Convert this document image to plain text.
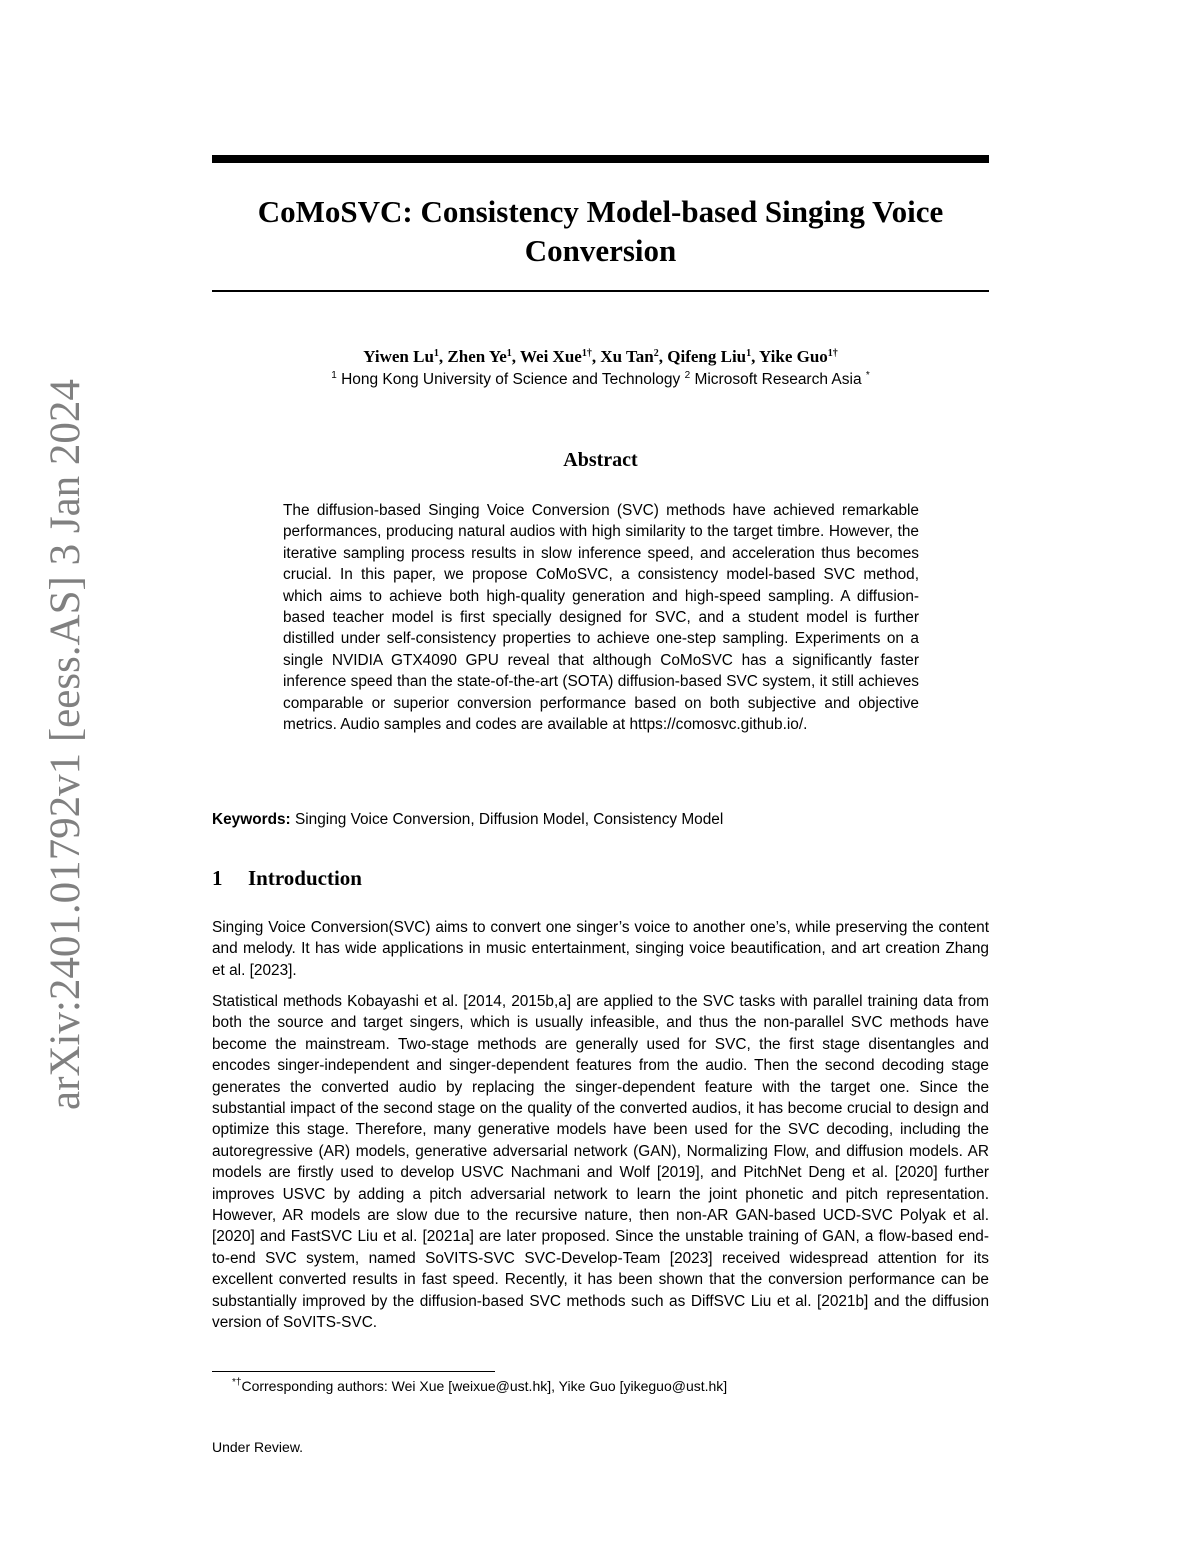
arXiv:2401.01792v1 [eess.AS] 3 Jan 2024
CoMoSVC: Consistency Model-based Singing Voice Conversion
Yiwen Lu$^1$, Zhen Ye$^1$, Wei Xue$^{1\dagger}$, Xu Tan$^2$, Qifeng Liu$^1$, Yike Guo$^{1\dagger}$
$^1$ Hong Kong University of Science and Technology $^2$ Microsoft Research Asia *
Abstract
The diffusion-based Singing Voice Conversion (SVC) methods have achieved remarkable performances, producing natural audios with high similarity to the target timbre. However, the iterative sampling process results in slow inference speed, and acceleration thus becomes crucial. In this paper, we propose CoMoSVC, a consistency model-based SVC method, which aims to achieve both high-quality generation and high-speed sampling. A diffusion-based teacher model is first specially designed for SVC, and a student model is further distilled under self-consistency properties to achieve one-step sampling. Experiments on a single NVIDIA GTX4090 GPU reveal that although CoMoSVC has a significantly faster inference speed than the state-of-the-art (SOTA) diffusion-based SVC system, it still achieves comparable or superior conversion performance based on both subjective and objective metrics. Audio samples and codes are available at https://comosvc.github.io/.
Keywords: Singing Voice Conversion, Diffusion Model, Consistency Model
1 Introduction

Singing Voice Conversion(SVC) aims to convert one singer’s voice to another one’s, while preserving the content and melody. It has wide applications in music entertainment, singing voice beautification, and art creation Zhang et al. [2023].

Statistical methods Kobayashi et al. [2014, 2015b,a] are applied to the SVC tasks with parallel training data from both the source and target singers, which is usually infeasible, and thus the non-parallel SVC methods have become the mainstream. Two-stage methods are generally used for SVC, the first stage disentangles and encodes singer-independent and singer-dependent features from the audio. Then the second decoding stage generates the converted audio by replacing the singer-dependent feature with the target one. Since the substantial impact of the second stage on the quality of the converted audios, it has become crucial to design and optimize this stage. Therefore, many generative models have been used for the SVC decoding, including the autoregressive (AR) models, generative adversarial network (GAN), Normalizing Flow, and diffusion models. AR models are firstly used to develop USVC Nachmani and Wolf [2019], and PitchNet Deng et al. [2020] further improves USVC by adding a pitch adversarial network to learn the joint phonetic and pitch representation. However, AR models are slow due to the recursive nature, then non-AR GAN-based UCD-SVC Polyak et al. [2020] and FastSVC Liu et al. [2021a] are later proposed. Since the unstable training of GAN, a flow-based end-to-end SVC system, named SoVITS-SVC SVC-Develop-Team [2023] received widespread attention for its excellent converted results in fast speed. Recently, it has been shown that the conversion performance can be substantially improved by the diffusion-based SVC methods such as DiffSVC Liu et al. [2021b] and the diffusion version of SoVITS-SVC.

*†Corresponding authors: Wei Xue [weixue@ust.hk], Yike Guo [yikeguo@ust.hk]
Under Review.
